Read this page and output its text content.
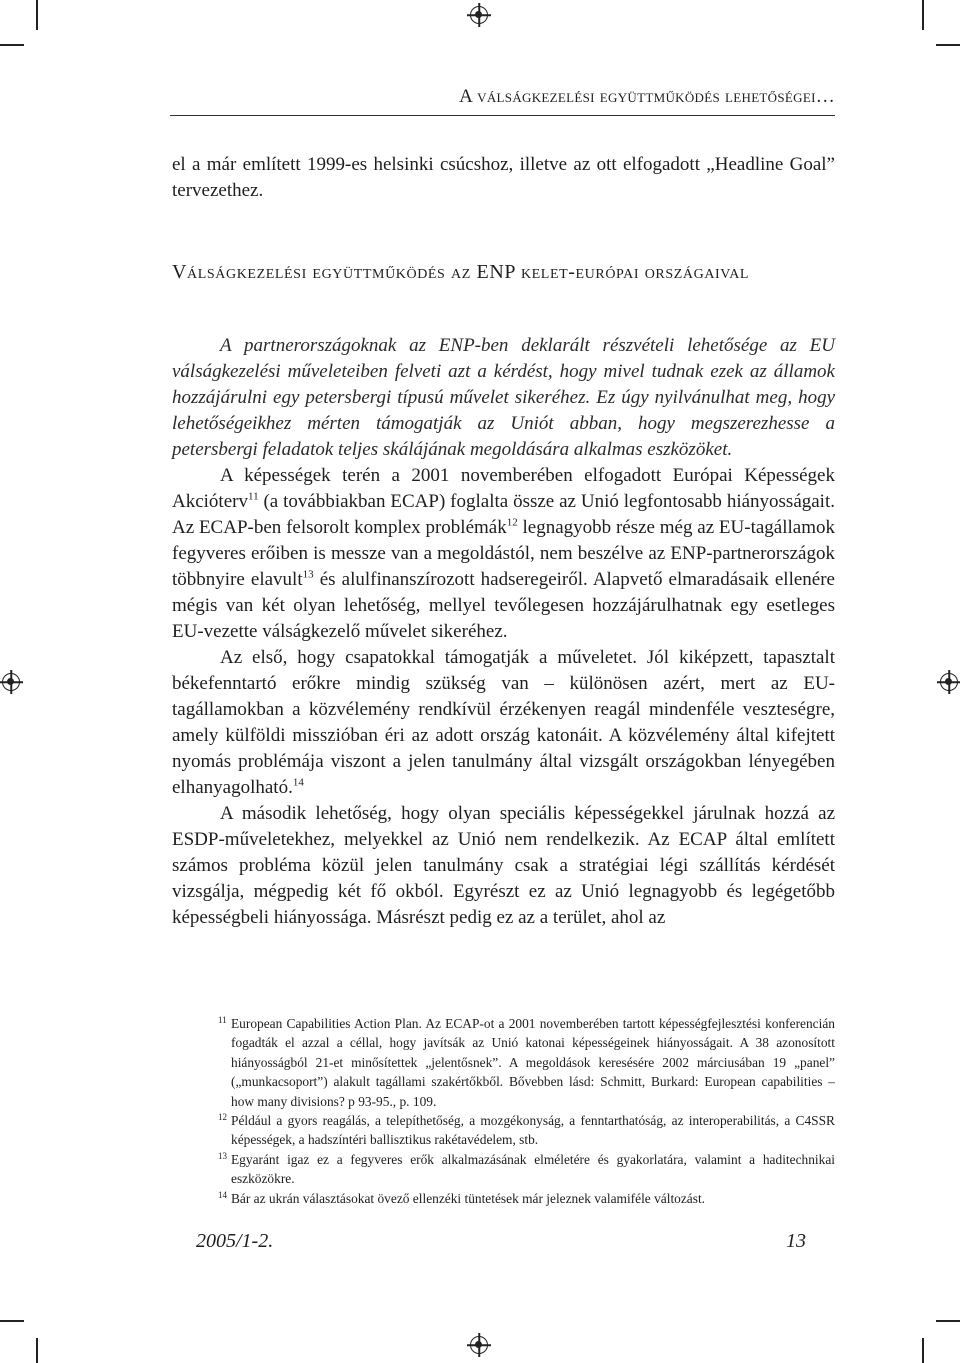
A válságkezelési együttműködés lehetőségei…

el a már említett 1999-es helsinki csúcshoz, illetve az ott elfogadott „Headline Goal” tervezethez.

Válságkezelési együttműködés az ENP kelet-európai országaival

A partnerországoknak az ENP-ben deklarált részvételi lehetősége az EU válságkezelési műveleteiben felveti azt a kérdést, hogy mivel tudnak ezek az államok hozzájárulni egy petersbergi típusú művelet sikeréhez. Ez úgy nyilvánulhat meg, hogy lehetőségeikhez mérten támogatják az Uniót abban, hogy megszerezhesse a petersbergi feladatok teljes skálájának megoldására alkalmas eszközöket.

A képességek terén a 2001 novemberében elfogadott Európai Képességek Akcióterv$^{11}$ (a továbbiakban ECAP) foglalta össze az Unió legfontosabb hiányosságait. Az ECAP-ben felsorolt komplex problémák$^{12}$ legnagyobb része még az EU-tagállamok fegyveres erőiben is messze van a megoldástól, nem beszélve az ENP-partnerországok többnyire elavult$^{13}$ és alulfinanszírozott hadseregeiről. Alapvető elmaradásaik ellenére mégis van két olyan lehetőség, mellyel tevőlegesen hozzájárulhatnak egy esetleges EU-vezette válságkezelő művelet sikeréhez.

Az első, hogy csapatokkal támogatják a műveletet. Jól kiképzett, tapasztalt békefenntartó erőkre mindig szükség van – különösen azért, mert az EU-tagállamokban a közvélemény rendkívül érzékenyen reagál mindenféle veszteségre, amely külföldi misszióban éri az adott ország katonáit. A közvélemény által kifejtett nyomás problémája viszont a jelen tanulmány által vizsgált országokban lényegében elhanyagolható.$^{14}$

A második lehetőség, hogy olyan speciális képességekkel járulnak hozzá az ESDP-műveletekhez, melyekkel az Unió nem rendelkezik. Az ECAP által említett számos probléma közül jelen tanulmány csak a stratégiai légi szállítás kérdését vizsgálja, mégpedig két fő okból. Egyrészt ez az Unió legnagyobb és legégetőbb képességbeli hiányossága. Másrészt pedig ez az a terület, ahol az

11 European Capabilities Action Plan. Az ECAP-ot a 2001 novemberében tartott képességfejlesztési konferencián fogadták el azzal a céllal, hogy javítsák az Unió katonai képességeinek hiányosságait. A 38 azonosított hiányosságból 21-et minősítettek „jelentősnek”. A megoldások keresésére 2002 márciusában 19 „panel” („munkacsoport”) alakult tagállami szakértőkből. Bővebben lásd: Schmitt, Burkard: European capabilities – how many divisions? p 93-95., p. 109.
12 Például a gyors reagálás, a telepíthetőség, a mozgékonyság, a fenntarthatóság, az interoperabilitás, a C4SSR képességek, a hadszíntéri ballisztikus rakétavédelem, stb.
13 Egyaránt igaz ez a fegyveres erők alkalmazásának elméletére és gyakorlatára, valamint a haditechnikai eszközökre.
14 Bár az ukrán választásokat övező ellenzéki tüntetések már jeleznek valamiféle változást.
2005/1-2.	13
